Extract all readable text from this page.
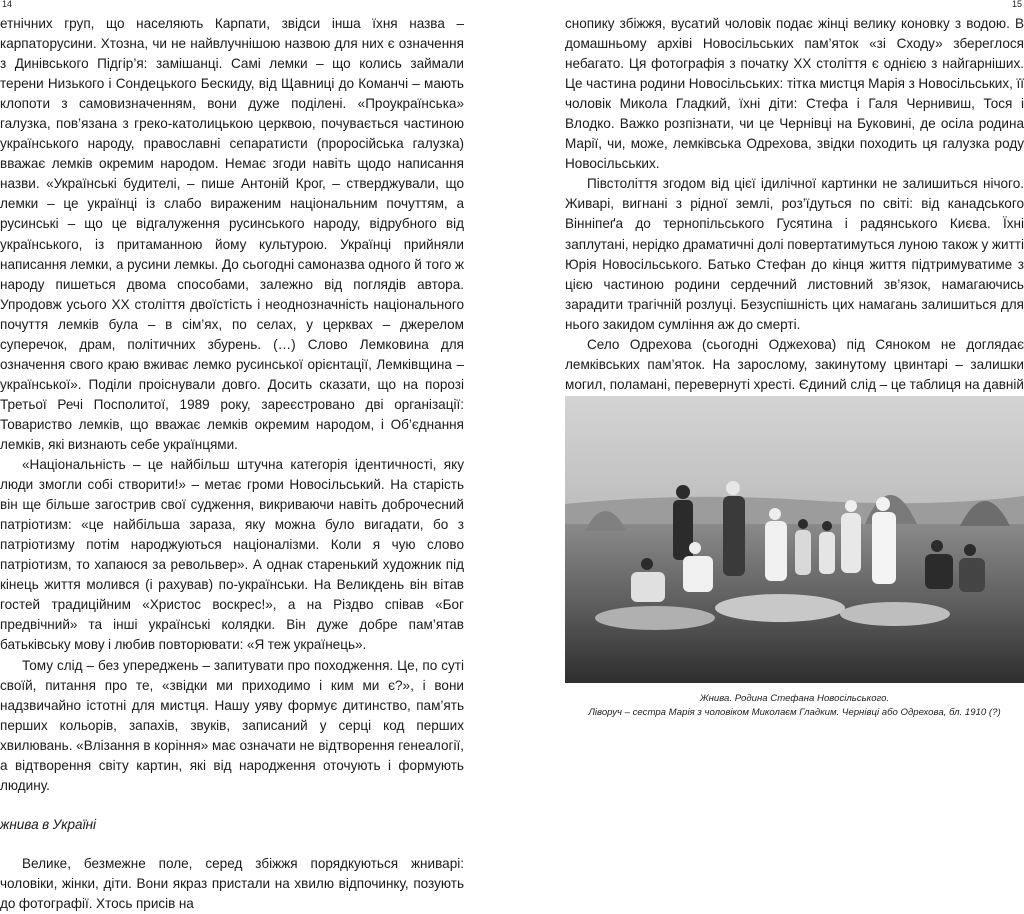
14	15

етнічних груп, що населяють Карпати, звідси інша їхня назва – карпаторусини. Хтозна, чи не найвлучнішою назвою для них є означення з Динівського Підгір’я: замішанці. Самі лемки – що колись займали терени Низького і Сондецького Бескиду, від Щавниці до Команчі – мають клопоти з самовизначенням, вони дуже поділені. «Проукраїнська» галузка, пов’язана з греко-католицькою церквою, почувається частиною українського народу, православні сепаратисти (проросійська галузка) вважає лемків окремим народом. Немає згоди навіть щодо написання назви. «Українські будителі, – пише Антоній Крог, – стверджували, що лемки – це українці із слабо вираженим національним почуттям, а русинські – що це відгалуження русинського народу, відрубного від українського, із притаманною йому культурою. Українці прийняли написання лемки, а русини лемкы. До сьогодні самоназва одного й того ж народу пишеться двома способами, залежно від поглядів автора. Упродовж усього XX століття двоїстість і неоднозначність національного почуття лемків була – в сім’ях, по селах, у церквах – джерелом суперечок, драм, політичних збурень. (…) Слово Лемковина для означення свого краю вживає лемко русинської орієнтації, Лемківщина – української». Поділи проіснували довго. Досить сказати, що на порозі Третьої Речі Посполитої, 1989 року, зареєстровано дві організації: Товариство лемків, що вважає лемків окремим народом, і Об’єднання лемків, які визнають себе українцями.

«Національність – це найбільш штучна категорія ідентичності, яку люди змогли собі створити!» – метає громи Новосільський. На старість він ще більше загострив свої судження, викриваючи навіть доброчесний патріотизм: «це найбільша зараза, яку можна було вигадати, бо з патріотизму потім народжуються націоналізми. Коли я чую слово патріотизм, то хапаюся за револьвер». А однак старенький художник під кінець життя молився (і рахував) по-українськи. На Великдень він вітав гостей традиційним «Христос воскрес!», а на Різдво співав «Бог предвічний» та інші українські колядки. Він дуже добре пам’ятав батьківську мову і любив повторювати: «Я теж українець».

Тому слід – без упереджень – запитувати про походження. Це, по суті своїй, питання про те, «звідки ми приходимо і ким ми є?», і вони надзвичайно істотні для мистця. Нашу уяву формує дитинство, пам’ять перших кольорів, запахів, звуків, записаний у серці код перших хвилювань. «Влізання в коріння» має означати не відтворення генеалогії, а відтворення світу картин, які від народження оточують і формують людину.

жнива в Україні

Велике, безмежне поле, серед збіжжя порядкуються жниварі: чоловіки, жінки, діти. Вони якраз пристали на хвилю відпочинку, позують до фотографії. Хтось присів на

снопику збіжжя, вусатий чоловік подає жінці велику коновку з водою. В домашньому архіві Новосільських пам’яток «зі Сходу» збереглося небагато. Ця фотографія з початку XX століття є однією з найгарніших. Це частина родини Новосільських: тітка мистця Марія з Новосільських, її чоловік Микола Гладкий, їхні діти: Стефа і Галя Чернивиш, Тося і Влодко. Важко розпізнати, чи це Чернівці на Буковині, де осіла родина Марії, чи, може, лемківська Одрехова, звідки походить ця галузка роду Новосільських.

Півстоліття згодом від цієї ідилічної картинки не залишиться нічого. Живарі, вигнані з рідної землі, роз’їдуться по світі: від канадського Вінніпеґа до тернопільського Гусятина і радянського Києва. Їхні заплутані, нерідко драматичні долі повертатимуться луною також у житті Юрія Новосільського. Батько Стефан до кінця життя підтримуватиме з цією частиною родини сердечний листовний зв’язок, намагаючись зарадити трагічній розлуці. Безуспішність цих намагань залишиться для нього закидом сумління аж до смерті.

Село Одрехова (сьогодні Оджехова) під Сяноком не доглядає лемківських пам’яток. На зарослому, закинутому цвинтарі – залишки могил, поламані, перевернуті хресті. Єдиний слід – це таблиця на давній

Жнива. Родина Стефана Новосільського.
Ліворуч – сестра Марія з чоловіком Миколаєм Гладким. Чернівці або Одрехова, бл. 1910 (?)
